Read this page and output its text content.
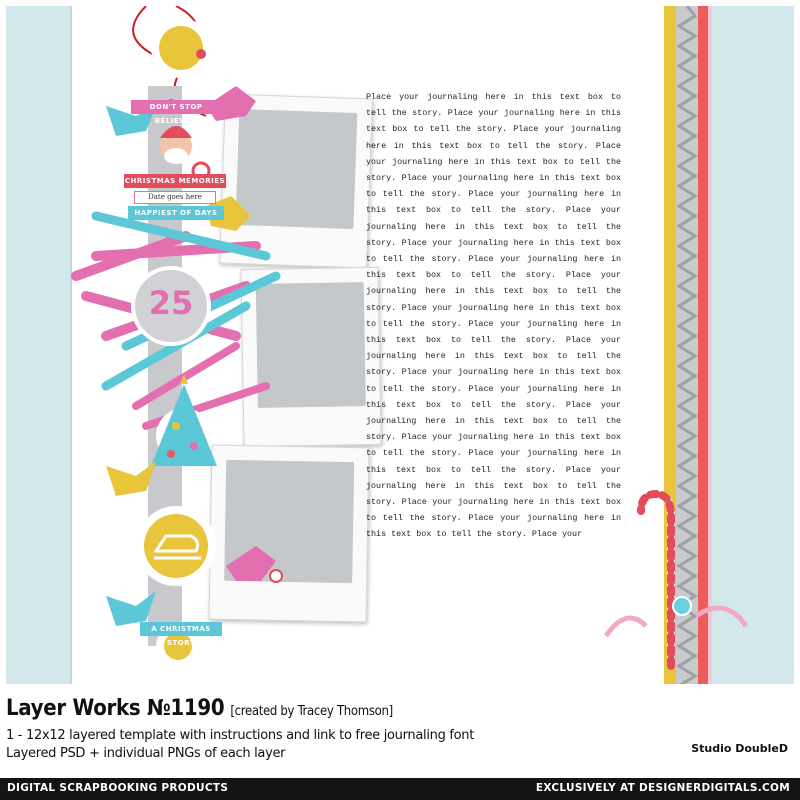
Place your journaling here in this text box to tell the story. Place your journaling here in this text box to tell the story. Place your journaling here in this text box to tell the story. Place your journaling here in this text box to tell the story. Place your journaling here in this text box to tell the story. Place your journaling here in this text box to tell the story. Place your journaling here in this text box to tell the story. Place your journaling here in this text box to tell the story. Place your journaling here in this text box to tell the story. Place your journaling here in this text box to tell the story. Place your journaling here in this text box to tell the story. Place your journaling here in this text box to tell the story. Place your journaling here in this text box to tell the story. Place your journaling here in this text box to tell the story. Place your journaling here in this text box to tell the story. Place your journaling here in this text box to tell the story. Place your journaling here in this text box to tell the story. Place your journaling here in this text box to tell the story. Place your journaling here in this text box to tell the story. Place your journaling here in this text box to tell the story. Place your journaling here in this text box to tell the story. Place your
DON'T STOP BELIEVIN'
CHRISTMAS MEMORIES
Date goes here
HAPPIEST OF DAYS
25
A CHRISTMAS STORY
Layer Works №1190 [created by Tracey Thomson]
1 - 12x12 layered template with instructions and link to free journaling font
Layered PSD + individual PNGs of each layer	Studio DoubleD
DIGITAL SCRAPBOOKING PRODUCTS	EXCLUSIVELY AT DESIGNERDIGITALS.COM
